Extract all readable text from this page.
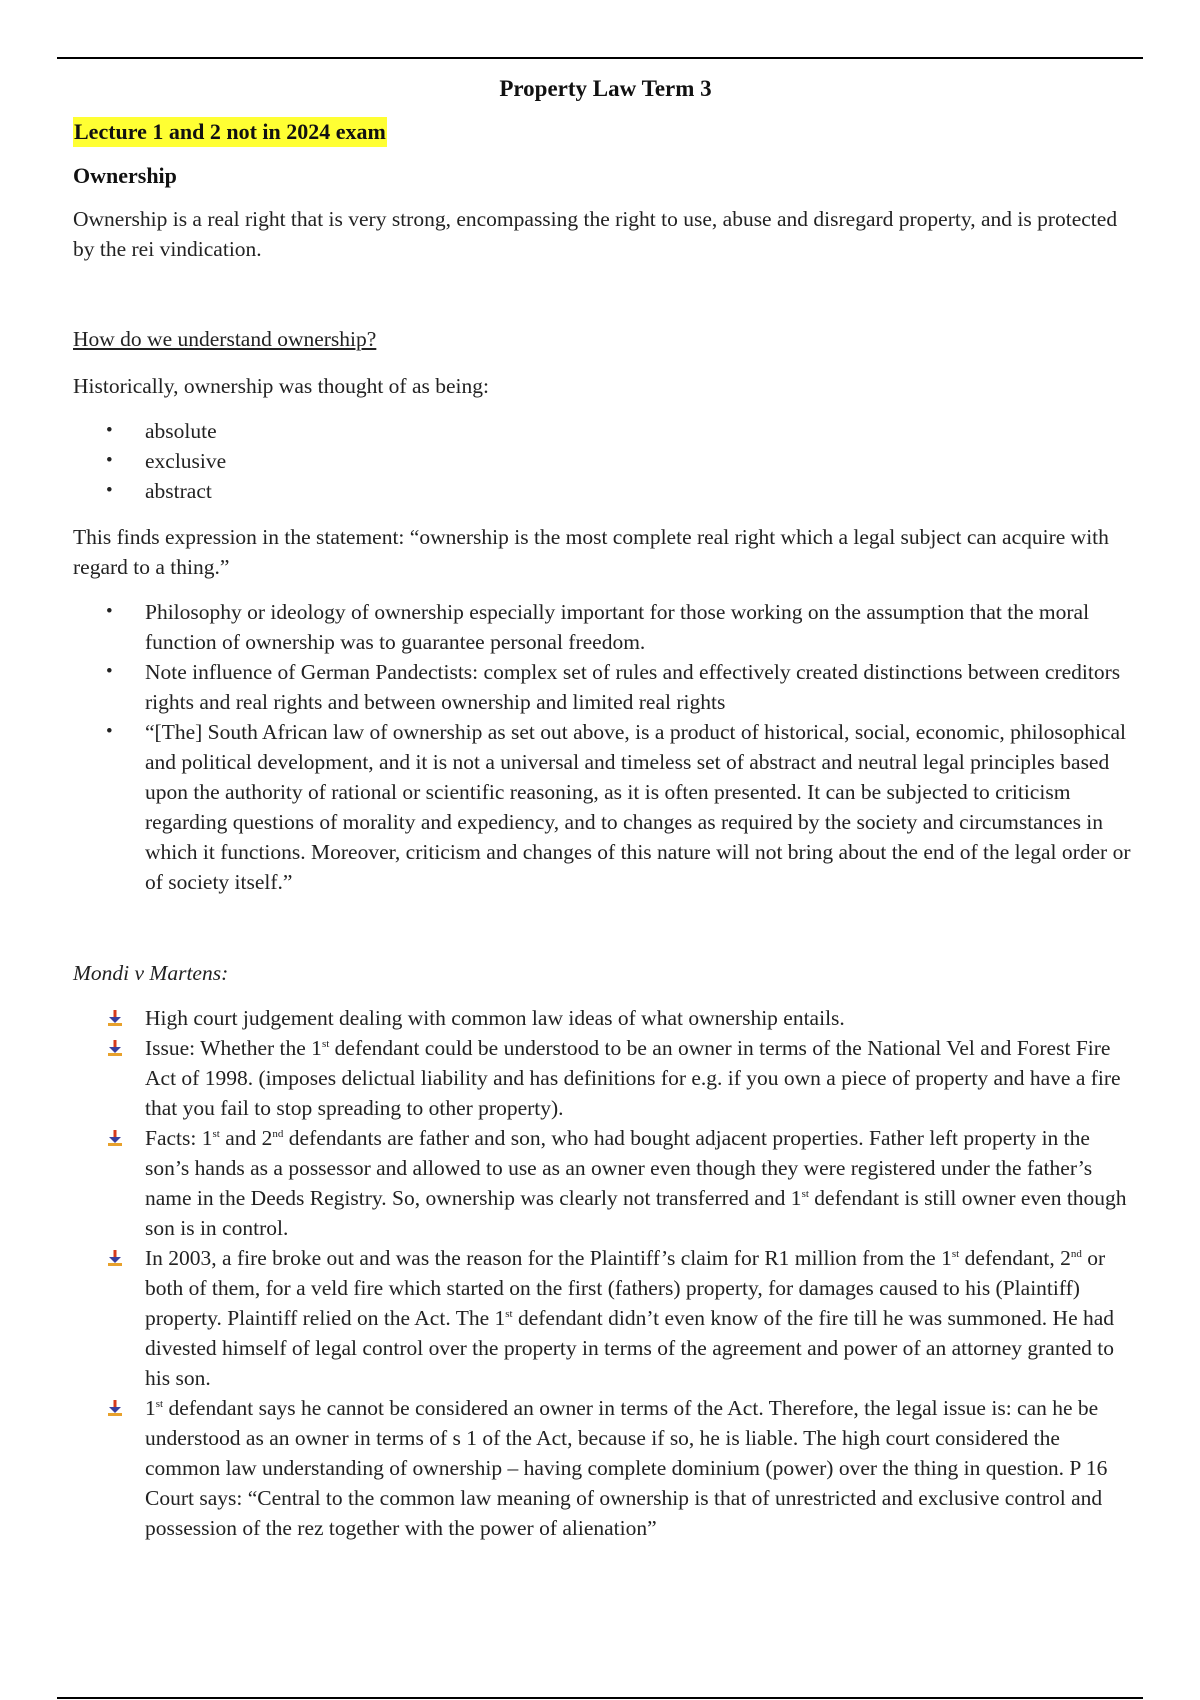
Property Law Term 3
Lecture 1 and 2 not in 2024 exam
Ownership

Ownership is a real right that is very strong, encompassing the right to use, abuse and disregard property, and is protected by the rei vindication.

How do we understand ownership?

Historically, ownership was thought of as being:

• absolute
• exclusive
• abstract

This finds expression in the statement: “ownership is the most complete real right which a legal subject can acquire with regard to a thing.”

• Philosophy or ideology of ownership especially important for those working on the assumption that the moral function of ownership was to guarantee personal freedom.
• Note influence of German Pandectists: complex set of rules and effectively created distinctions between creditors rights and real rights and between ownership and limited real rights
• “[The] South African law of ownership as set out above, is a product of historical, social, economic, philosophical and political development, and it is not a universal and timeless set of abstract and neutral legal principles based upon the authority of rational or scientific reasoning, as it is often presented. It can be subjected to criticism regarding questions of morality and expediency, and to changes as required by the society and circumstances in which it functions. Moreover, criticism and changes of this nature will not bring about the end of the legal order or of society itself.”
Mondi v Martens:
High court judgement dealing with common law ideas of what ownership entails.
Issue: Whether the 1st defendant could be understood to be an owner in terms of the National Vel and Forest Fire Act of 1998. (imposes delictual liability and has definitions for e.g. if you own a piece of property and have a fire that you fail to stop spreading to other property).
Facts: 1st and 2nd defendants are father and son, who had bought adjacent properties. Father left property in the son’s hands as a possessor and allowed to use as an owner even though they were registered under the father’s name in the Deeds Registry. So, ownership was clearly not transferred and 1st defendant is still owner even though son is in control.
In 2003, a fire broke out and was the reason for the Plaintiff’s claim for R1 million from the 1st defendant, 2nd or both of them, for a veld fire which started on the first (fathers) property, for damages caused to his (Plaintiff) property. Plaintiff relied on the Act. The 1st defendant didn’t even know of the fire till he was summoned. He had divested himself of legal control over the property in terms of the agreement and power of an attorney granted to his son.
1st defendant says he cannot be considered an owner in terms of the Act. Therefore, the legal issue is: can he be understood as an owner in terms of s 1 of the Act, because if so, he is liable. The high court considered the common law understanding of ownership – having complete dominium (power) over the thing in question. P 16 Court says: “Central to the common law meaning of ownership is that of unrestricted and exclusive control and possession of the rez together with the power of alienation”
